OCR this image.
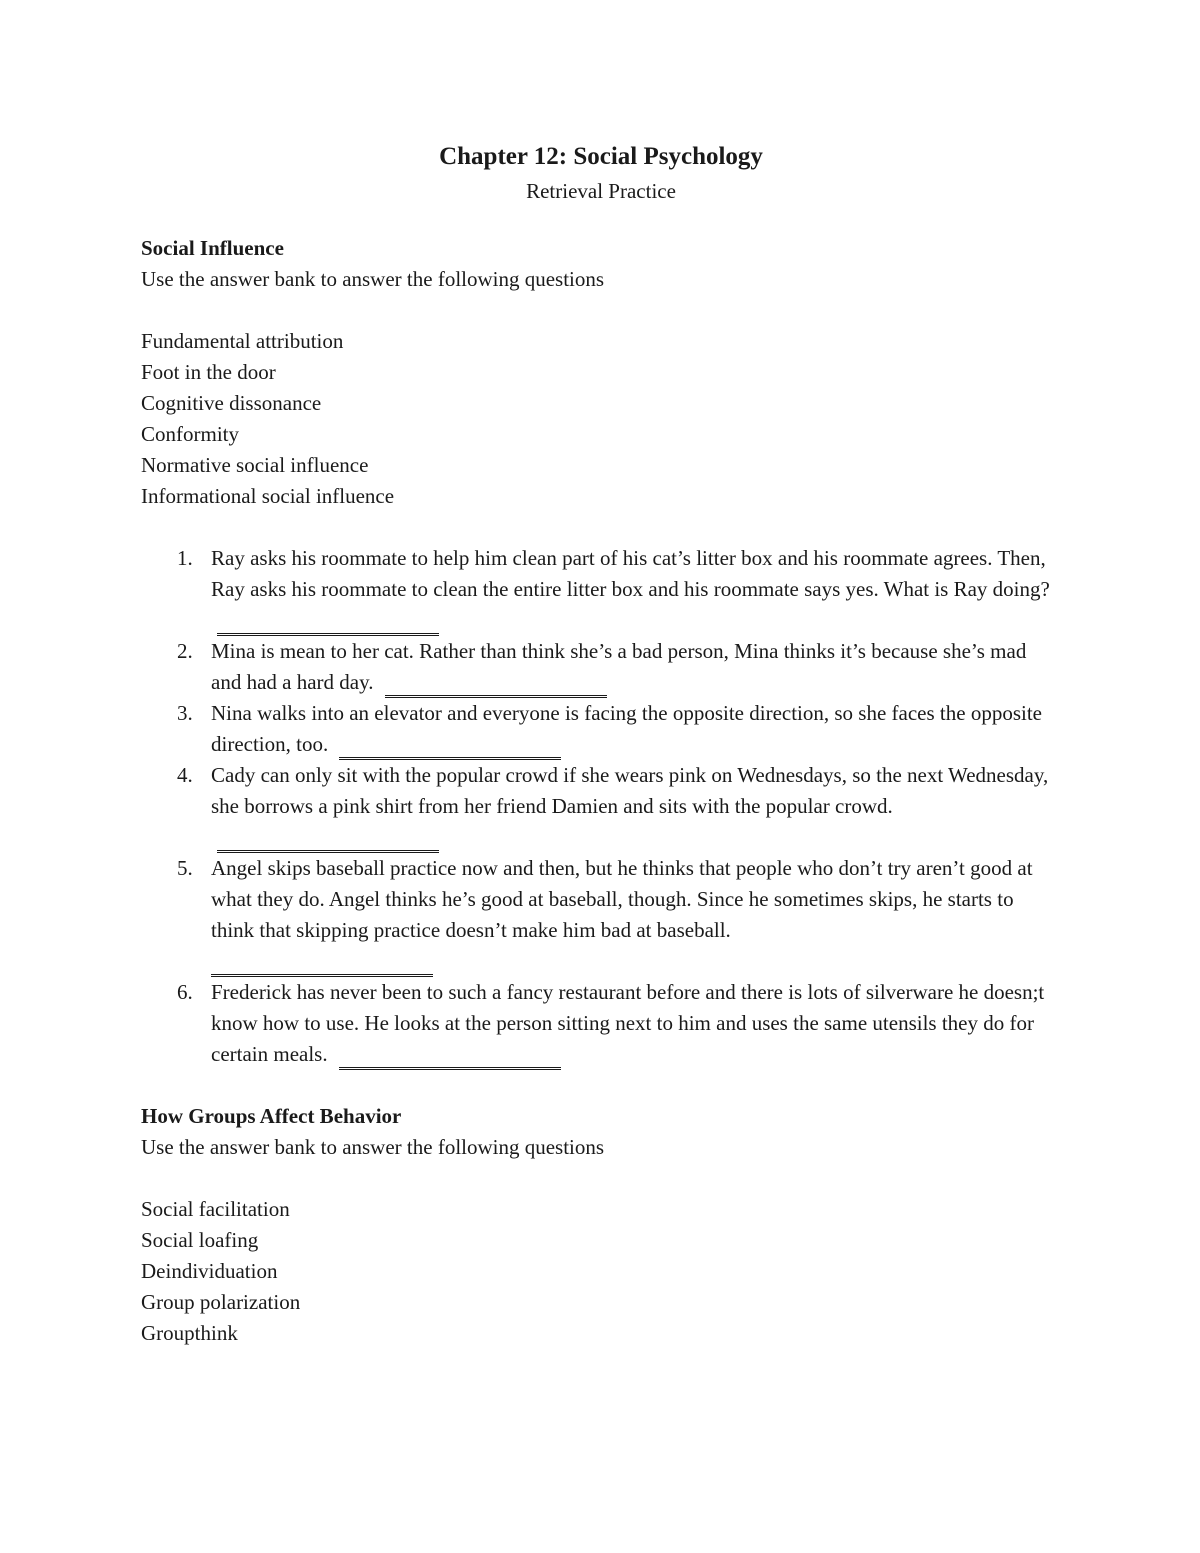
Chapter 12: Social Psychology

Retrieval Practice

Social Influence

Use the answer bank to answer the following questions

Fundamental attribution
Foot in the door
Cognitive dissonance
Conformity
Normative social influence
Informational social influence
1. Ray asks his roommate to help him clean part of his cat’s litter box and his roommate agrees. Then, Ray asks his roommate to clean the entire litter box and his roommate says yes. What is Ray doing?
2. Mina is mean to her cat. Rather than think she’s a bad person, Mina thinks it’s because she’s mad and had a hard day.
3. Nina walks into an elevator and everyone is facing the opposite direction, so she faces the opposite direction, too.
4. Cady can only sit with the popular crowd if she wears pink on Wednesdays, so the next Wednesday, she borrows a pink shirt from her friend Damien and sits with the popular crowd.
5. Angel skips baseball practice now and then, but he thinks that people who don’t try aren’t good at what they do. Angel thinks he’s good at baseball, though. Since he sometimes skips, he starts to think that skipping practice doesn’t make him bad at baseball.

6. Frederick has never been to such a fancy restaurant before and there is lots of silverware he doesn;t know how to use. He looks at the person sitting next to him and uses the same utensils they do for certain meals.

How Groups Affect Behavior

Use the answer bank to answer the following questions

Social facilitation
Social loafing
Deindividuation
Group polarization
Groupthink
